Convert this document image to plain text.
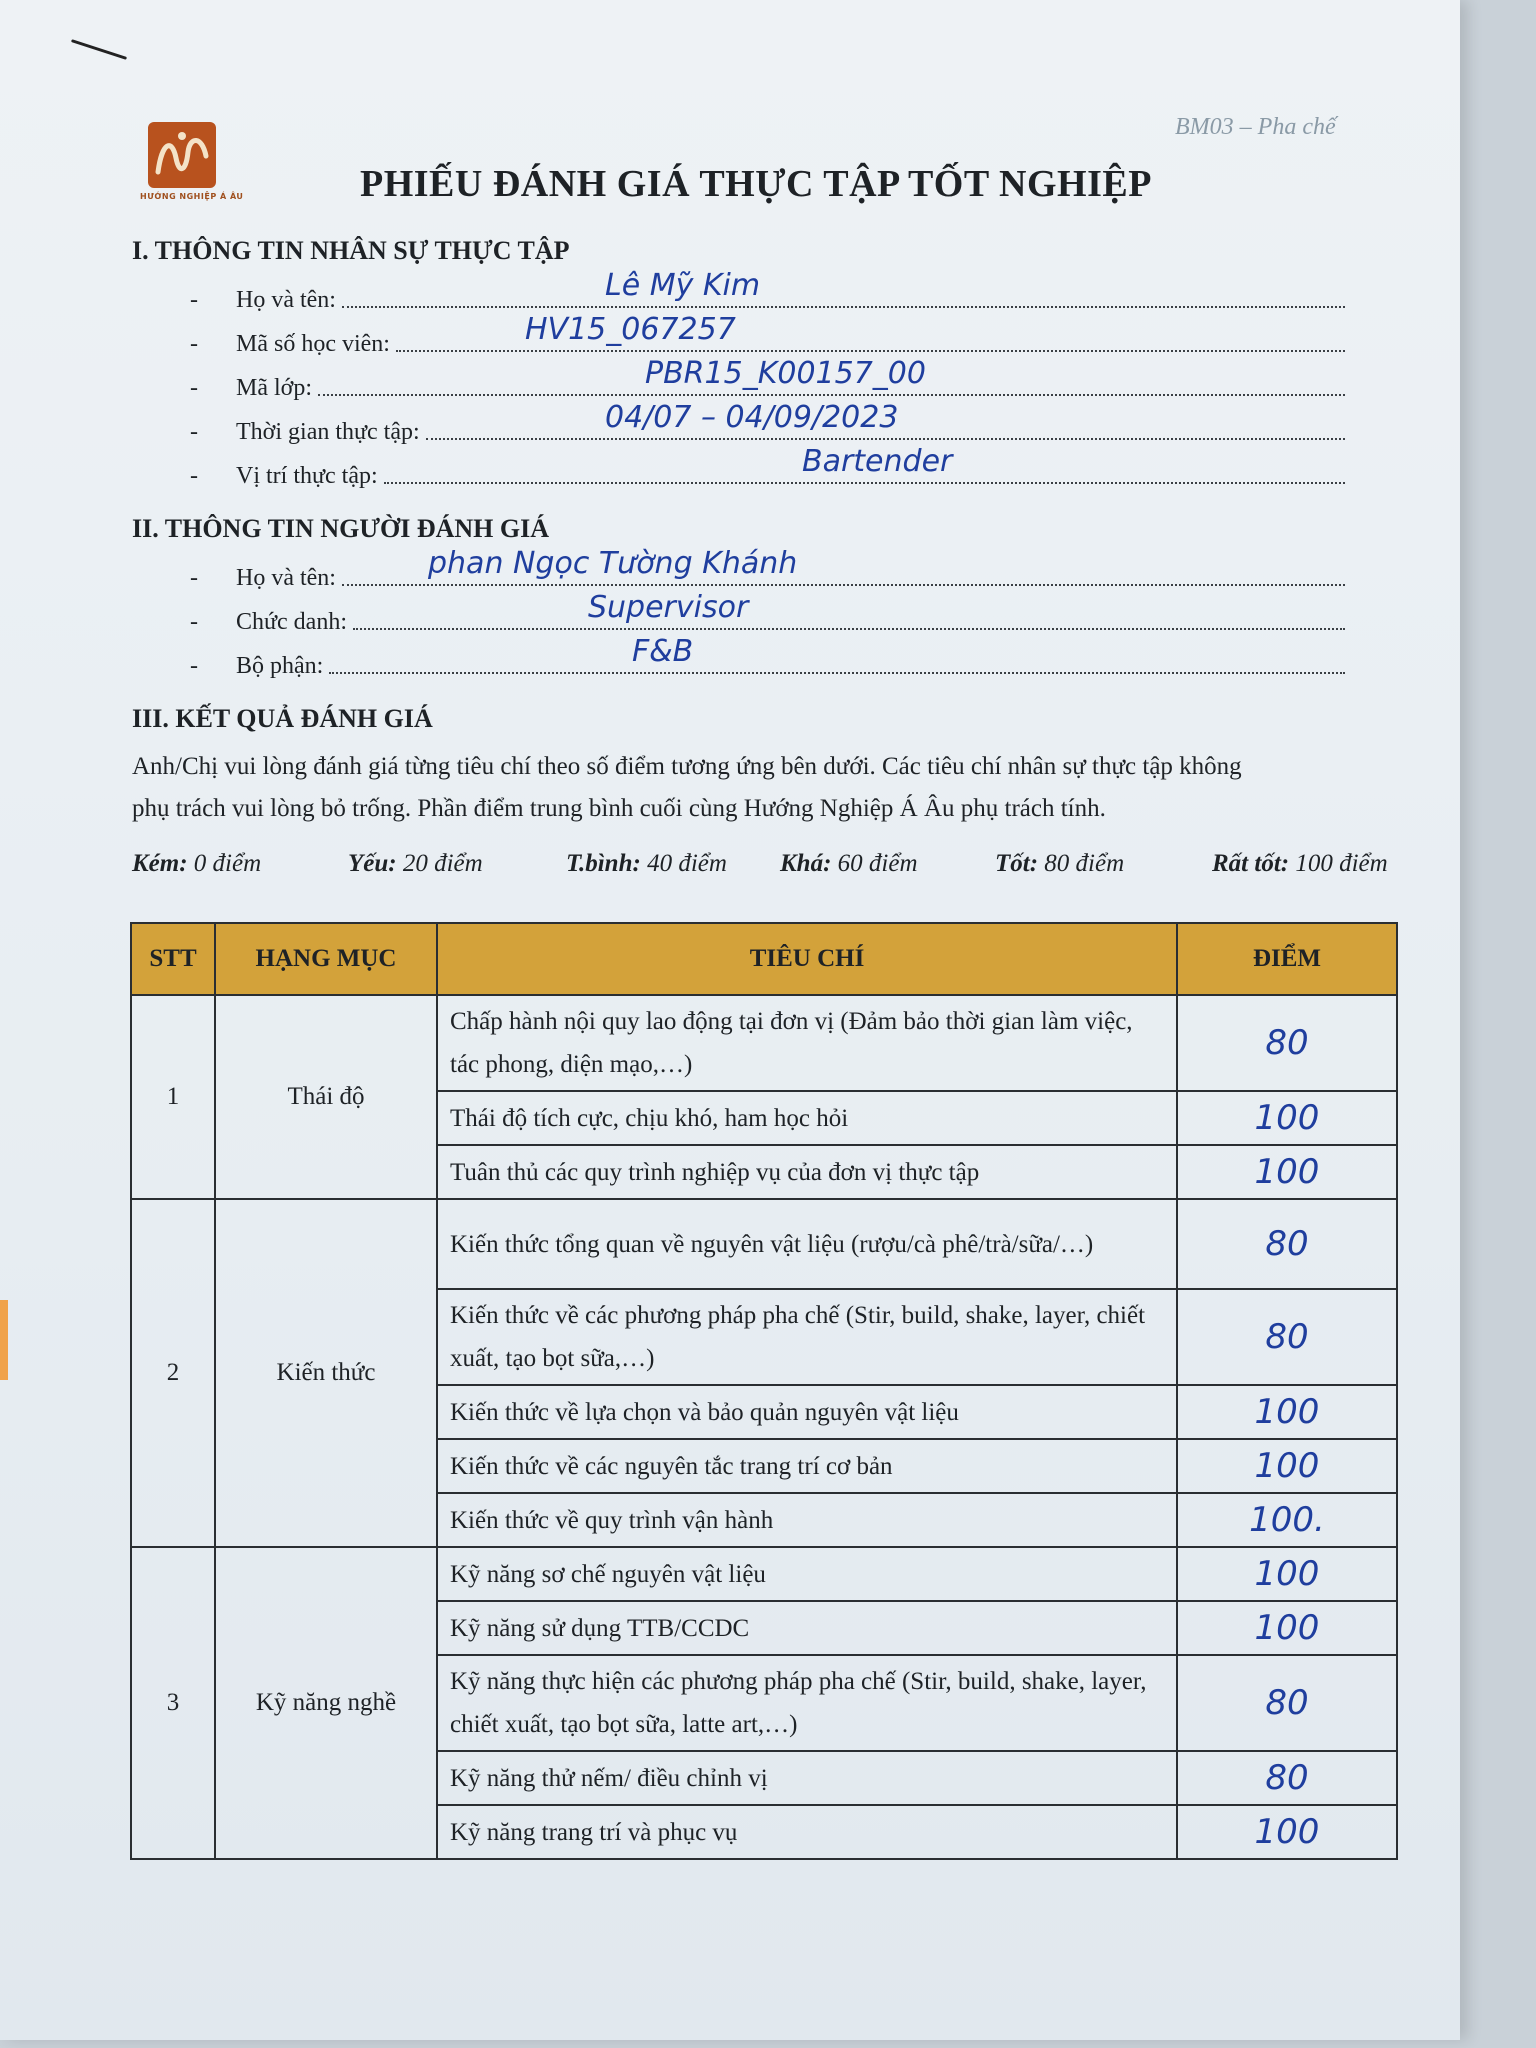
HƯỚNG NGHIỆP Á ÂU
BM03 – Pha chế
PHIẾU ĐÁNH GIÁ THỰC TẬP TỐT NGHIỆP
I. THÔNG TIN NHÂN SỰ THỰC TẬP
-	Họ và tên:	Lê Mỹ Kim
-	Mã số học viên:	HV15_067257
-	Mã lớp:	PBR15_K00157_00
-	Thời gian thực tập:	04/07 – 04/09/2023
-	Vị trí thực tập:	Bartender
II. THÔNG TIN NGƯỜI ĐÁNH GIÁ
-	Họ và tên:	phan Ngọc Tường Khánh
-	Chức danh:	Supervisor
-	Bộ phận:	F&B
III. KẾT QUẢ ĐÁNH GIÁ
Anh/Chị vui lòng đánh giá từng tiêu chí theo số điểm tương ứng bên dưới. Các tiêu chí nhân sự thực tập không
phụ trách vui lòng bỏ trống. Phần điểm trung bình cuối cùng Hướng Nghiệp Á Âu phụ trách tính.
Kém: 0 điểm	Yếu: 20 điểm	T.bình: 40 điểm Khá: 60 điểm	Tốt: 80 điểm	Rất tốt: 100 điểm
STT	HẠNG MỤC	TIÊU CHÍ	ĐIỂM
1	Thái độ	Chấp hành nội quy lao động tại đơn vị (Đảm bảo thời gian làm việc, tác phong, diện mạo,…)	80
		Thái độ tích cực, chịu khó, ham học hỏi	100
		Tuân thủ các quy trình nghiệp vụ của đơn vị thực tập	100
2	Kiến thức	Kiến thức tổng quan về nguyên vật liệu (rượu/cà phê/trà/sữa/…)	80
		Kiến thức về các phương pháp pha chế (Stir, build, shake, layer, chiết xuất, tạo bọt sữa,…)	80
		Kiến thức về lựa chọn và bảo quản nguyên vật liệu	100
		Kiến thức về các nguyên tắc trang trí cơ bản	100
		Kiến thức về quy trình vận hành	100.
3	Kỹ năng nghề	Kỹ năng sơ chế nguyên vật liệu	100
		Kỹ năng sử dụng TTB/CCDC	100
		Kỹ năng thực hiện các phương pháp pha chế (Stir, build, shake, layer, chiết xuất, tạo bọt sữa, latte art,…)	80
		Kỹ năng thử nếm/ điều chỉnh vị	80
		Kỹ năng trang trí và phục vụ	100
